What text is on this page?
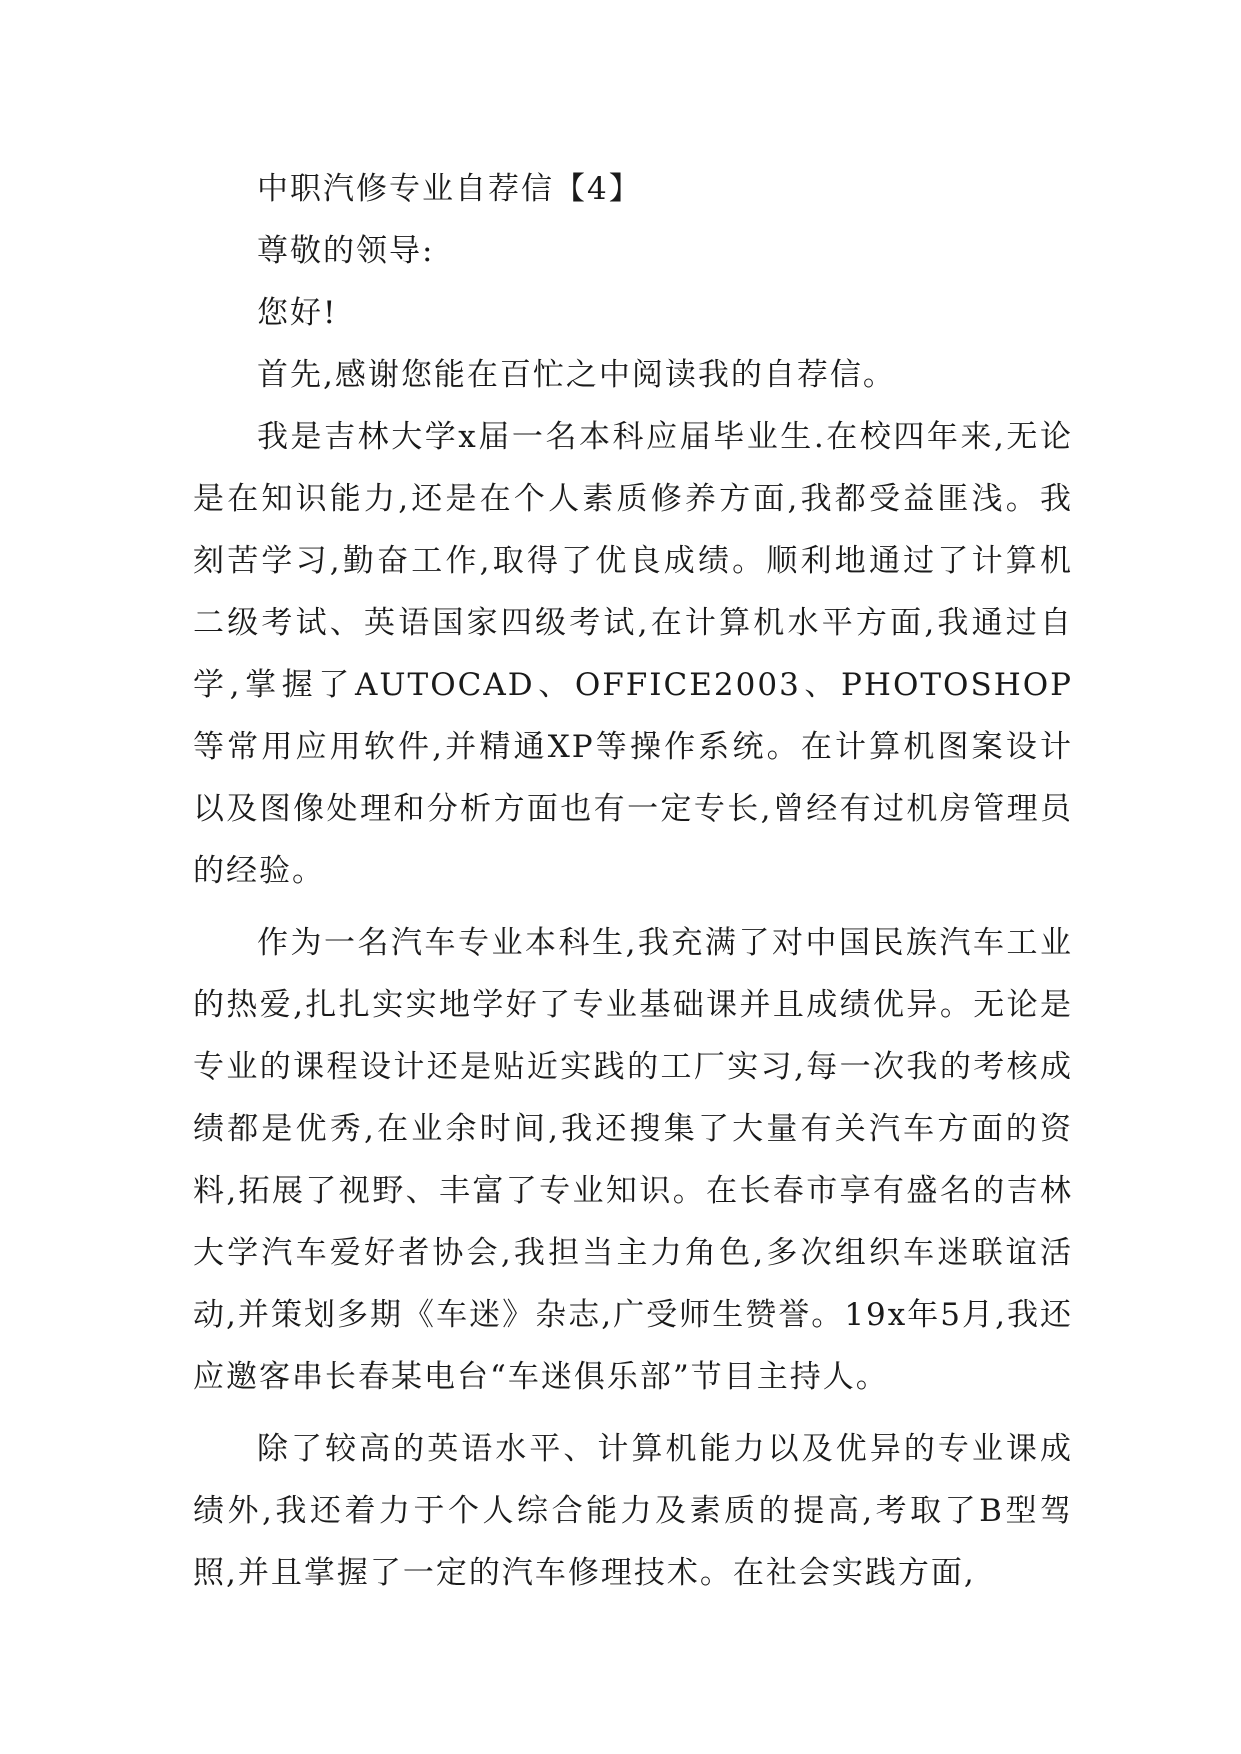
中职汽修专业自荐信【4】

尊敬的领导:

您好!

首先,感谢您能在百忙之中阅读我的自荐信。

我是吉林大学x届一名本科应届毕业生.在校四年来,无论是在知识能力,还是在个人素质修养方面,我都受益匪浅。我刻苦学习,勤奋工作,取得了优良成绩。顺利地通过了计算机二级考试、英语国家四级考试,在计算机水平方面,我通过自学,掌握了AUTOCAD、OFFICE2003、PHOTOSHOP等常用应用软件,并精通XP等操作系统。在计算机图案设计以及图像处理和分析方面也有一定专长,曾经有过机房管理员的经验。

作为一名汽车专业本科生,我充满了对中国民族汽车工业的热爱,扎扎实实地学好了专业基础课并且成绩优异。无论是专业的课程设计还是贴近实践的工厂实习,每一次我的考核成绩都是优秀,在业余时间,我还搜集了大量有关汽车方面的资料,拓展了视野、丰富了专业知识。在长春市享有盛名的吉林大学汽车爱好者协会,我担当主力角色,多次组织车迷联谊活动,并策划多期《车迷》杂志,广受师生赞誉。19x年5月,我还应邀客串长春某电台“车迷俱乐部”节目主持人。

除了较高的英语水平、计算机能力以及优异的专业课成绩外,我还着力于个人综合能力及素质的提高,考取了B型驾照,并且掌握了一定的汽车修理技术。在社会实践方面,
